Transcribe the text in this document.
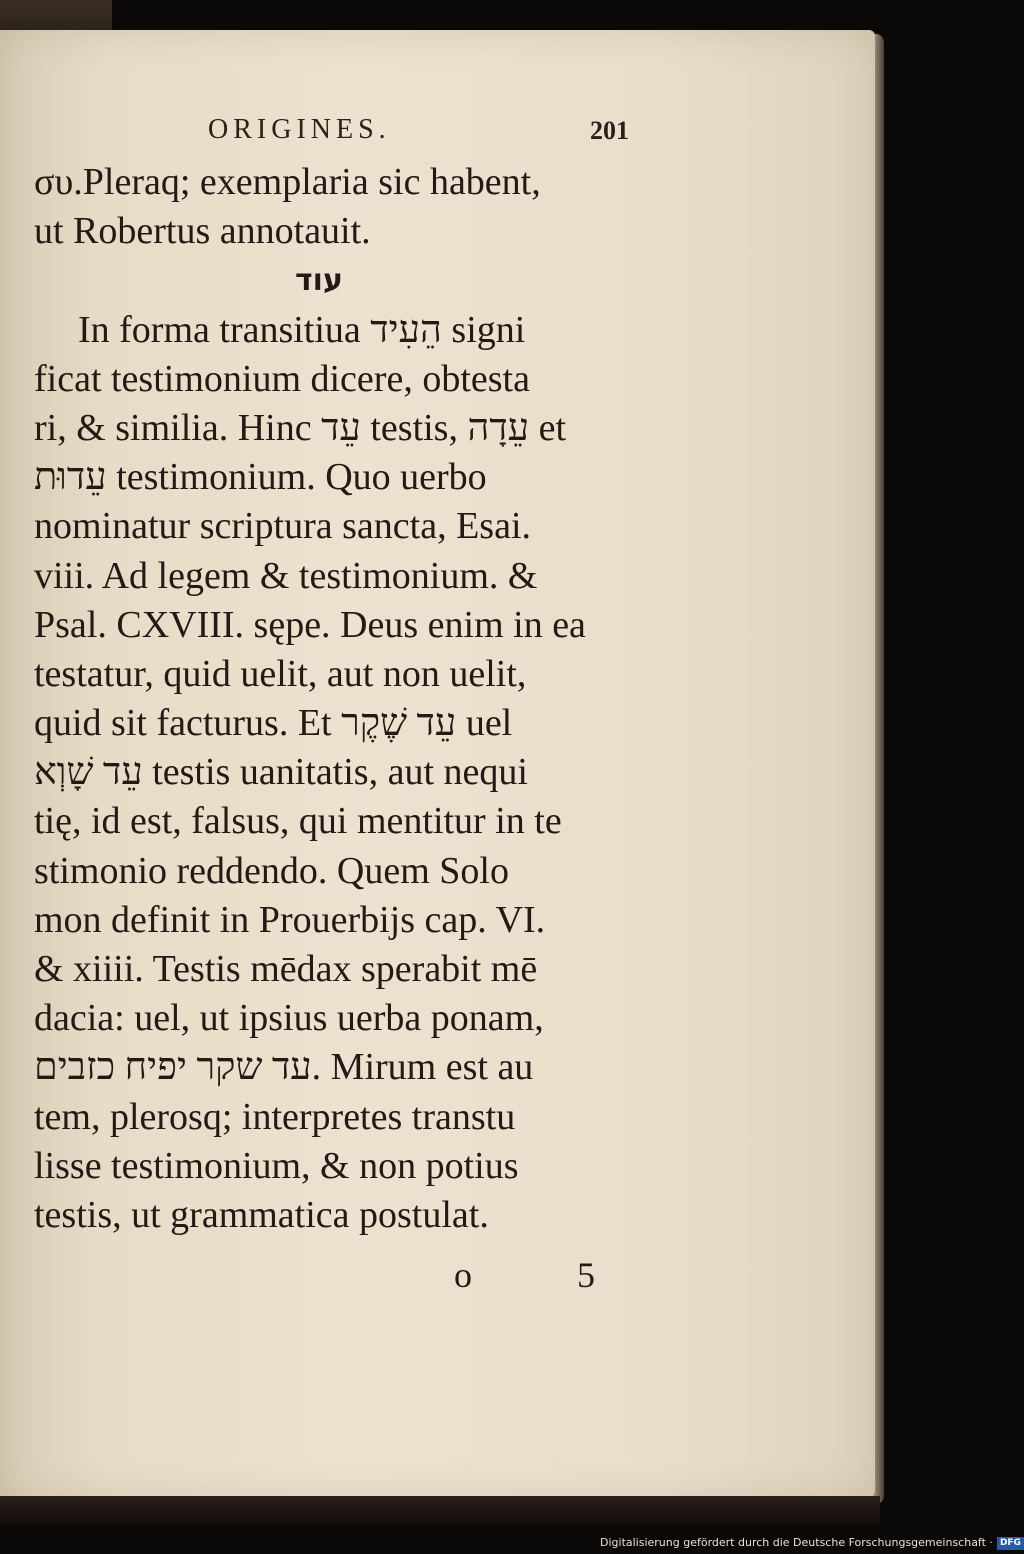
ORIGINES.	201
συ.Pleraq; exemplaria sic habent,
ut Robertus annotauit.
עוד
In forma transitiua הֵעִיד signi
ficat testimonium dicere, obtesta
ri, & similia. Hinc עֵד testis, עֵדָה et
עֵדוּת testimonium. Quo uerbo
nominatur scriptura sancta, Esai.
viii. Ad legem & testimonium. &
Psal. CXVIII. sępe. Deus enim in ea
testatur, quid uelit, aut non uelit,
quid sit facturus. Et עֵד שֶׁקֶר uel
עֵד שָׁוְא testis uanitatis, aut nequi
tię, id est, falsus, qui mentitur in te
stimonio reddendo. Quem Solo
mon definit in Prouerbijs cap. VI.
& xiiii. Testis mēdax sperabit mē
dacia: uel, ut ipsius uerba ponam,
עד שקר יפיח כזבים. Mirum est au
tem, plerosq; interpretes transtu
lisse testimonium, & non potius
testis, ut grammatica postulat.
o 5
Digitalisierung gefördert durch die Deutsche Forschungsgemeinschaft DFG
